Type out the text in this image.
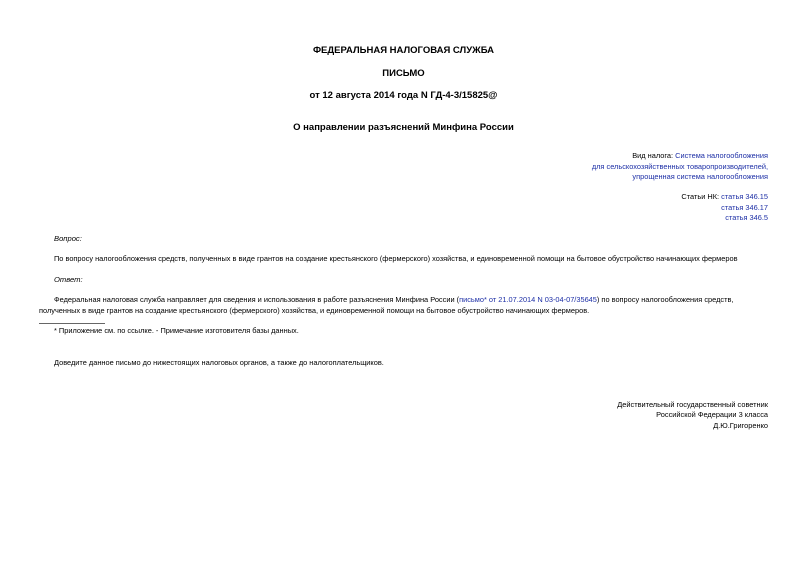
ФЕДЕРАЛЬНАЯ НАЛОГОВАЯ СЛУЖБА
ПИСЬМО
от 12 августа 2014 года N ГД-4-3/15825@
О направлении разъяснений Минфина России
Вид налога: Система налогообложения
для сельскохозяйственных товаропроизводителей,
упрощенная система налогообложения
Статьи НК: статья 346.15
статья 346.17
статья 346.5
Вопрос:
По вопросу налогообложения средств, полученных в виде грантов на создание крестьянского (фермерского) хозяйства, и единовременной помощи на бытовое обустройство начинающих фермеров
Ответ:
Федеральная налоговая служба направляет для сведения и использования в работе разъяснения Минфина России (письмо* от 21.07.2014 N 03-04-07/35645) по вопросу налогообложения средств, полученных в виде грантов на создание крестьянского (фермерского) хозяйства, и единовременной помощи на бытовое обустройство начинающих фермеров.
* Приложение см. по ссылке. - Примечание изготовителя базы данных.
Доведите данное письмо до нижестоящих налоговых органов, а также до налогоплательщиков.
Действительный государственный советник
Российской Федерации 3 класса
Д.Ю.Григоренко
